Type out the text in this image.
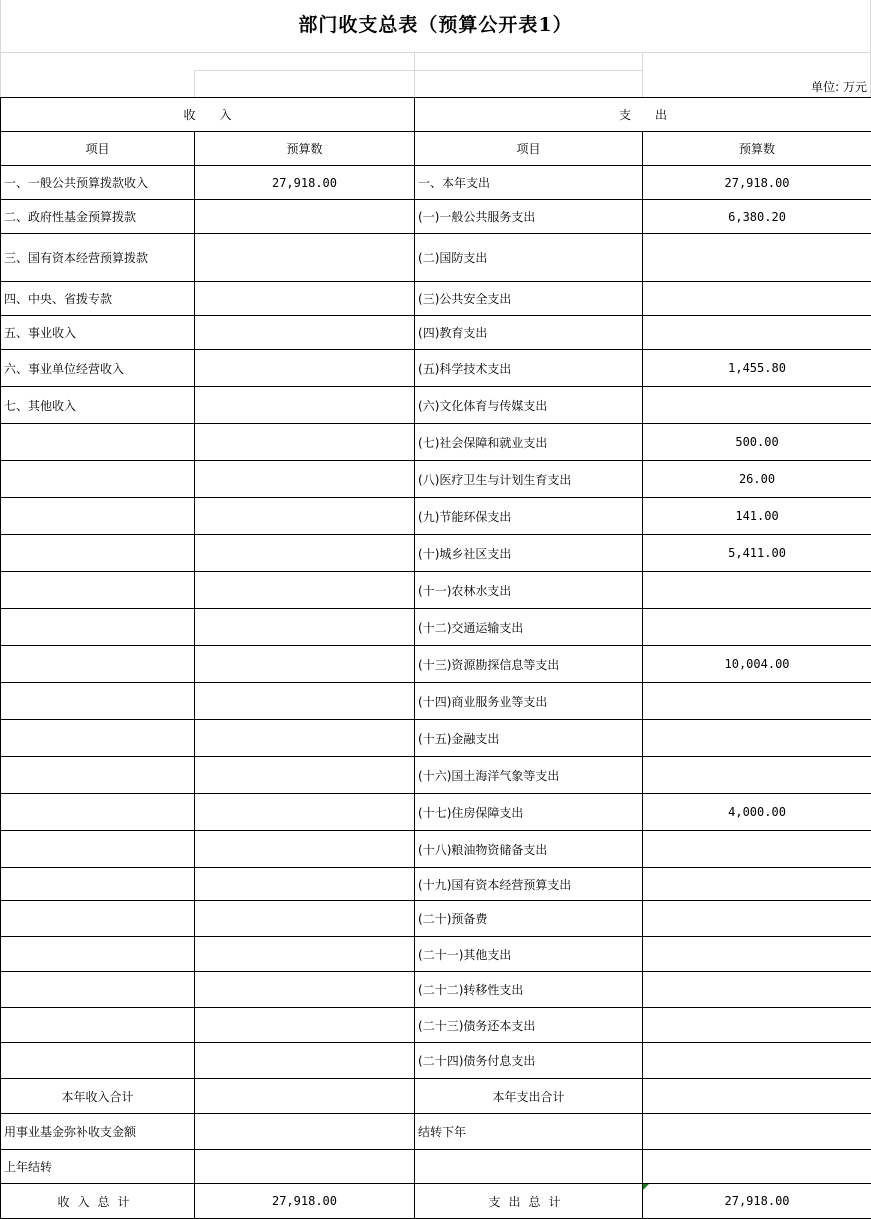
部门收支总表（预算公开表1）
单位: 万元
收　　入		支　　出	
项目	预算数	项目	预算数
一、一般公共预算拨款收入	27,918.00	一、本年支出	27,918.00
二、政府性基金预算拨款		(一)一般公共服务支出	6,380.20
三、国有资本经营预算拨款		(二)国防支出	
四、中央、省拨专款		(三)公共安全支出	
五、事业收入		(四)教育支出	
六、事业单位经营收入		(五)科学技术支出	1,455.80
七、其他收入		(六)文化体育与传媒支出	
		(七)社会保障和就业支出	500.00
		(八)医疗卫生与计划生育支出	26.00
		(九)节能环保支出	141.00
		(十)城乡社区支出	5,411.00
		(十一)农林水支出	
		(十二)交通运输支出	
		(十三)资源勘探信息等支出	10,004.00
		(十四)商业服务业等支出	
		(十五)金融支出	
		(十六)国土海洋气象等支出	
		(十七)住房保障支出	4,000.00
		(十八)粮油物资储备支出	
		(十九)国有资本经营预算支出	
		(二十)预备费	
		(二十一)其他支出	
		(二十二)转移性支出	
		(二十三)债务还本支出	
		(二十四)债务付息支出	
本年收入合计		本年支出合计	
用事业基金弥补收支金额		结转下年	
上年结转			
收入总计	27,918.00	支出总计	27,918.00
